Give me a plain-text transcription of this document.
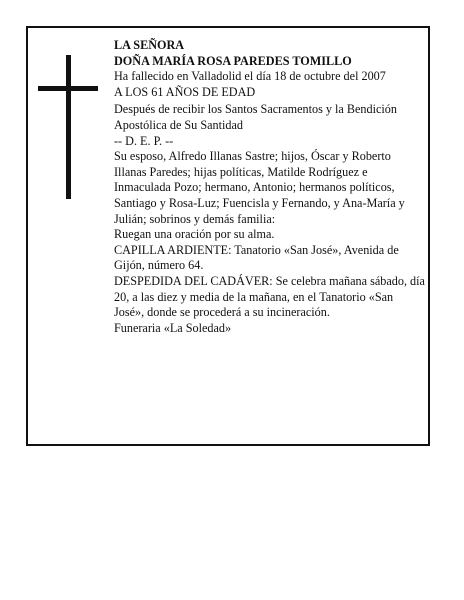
LA SEÑORA

DOÑA MARÍA ROSA PAREDES TOMILLO

Ha fallecido en Valladolid el día 18 de octubre del 2007

A LOS 61 AÑOS DE EDAD

Después de recibir los Santos Sacramentos y la Bendición Apostólica de Su Santidad

-- D. E. P. --

Su esposo, Alfredo Illanas Sastre; hijos, Óscar y Roberto Illanas Paredes; hijas políticas, Matilde Rodríguez e Inmaculada Pozo; hermano, Antonio; hermanos políticos, Santiago y Rosa-Luz; Fuencisla y Fernando, y Ana-María y Julián; sobrinos y demás familia:

Ruegan una oración por su alma.

CAPILLA ARDIENTE: Tanatorio «San José», Avenida de Gijón, número 64.

DESPEDIDA DEL CADÁVER: Se celebra mañana sábado, día 20, a las diez y media de la mañana, en el Tanatorio «San José», donde se procederá a su incineración.

Funeraria «La Soledad»
